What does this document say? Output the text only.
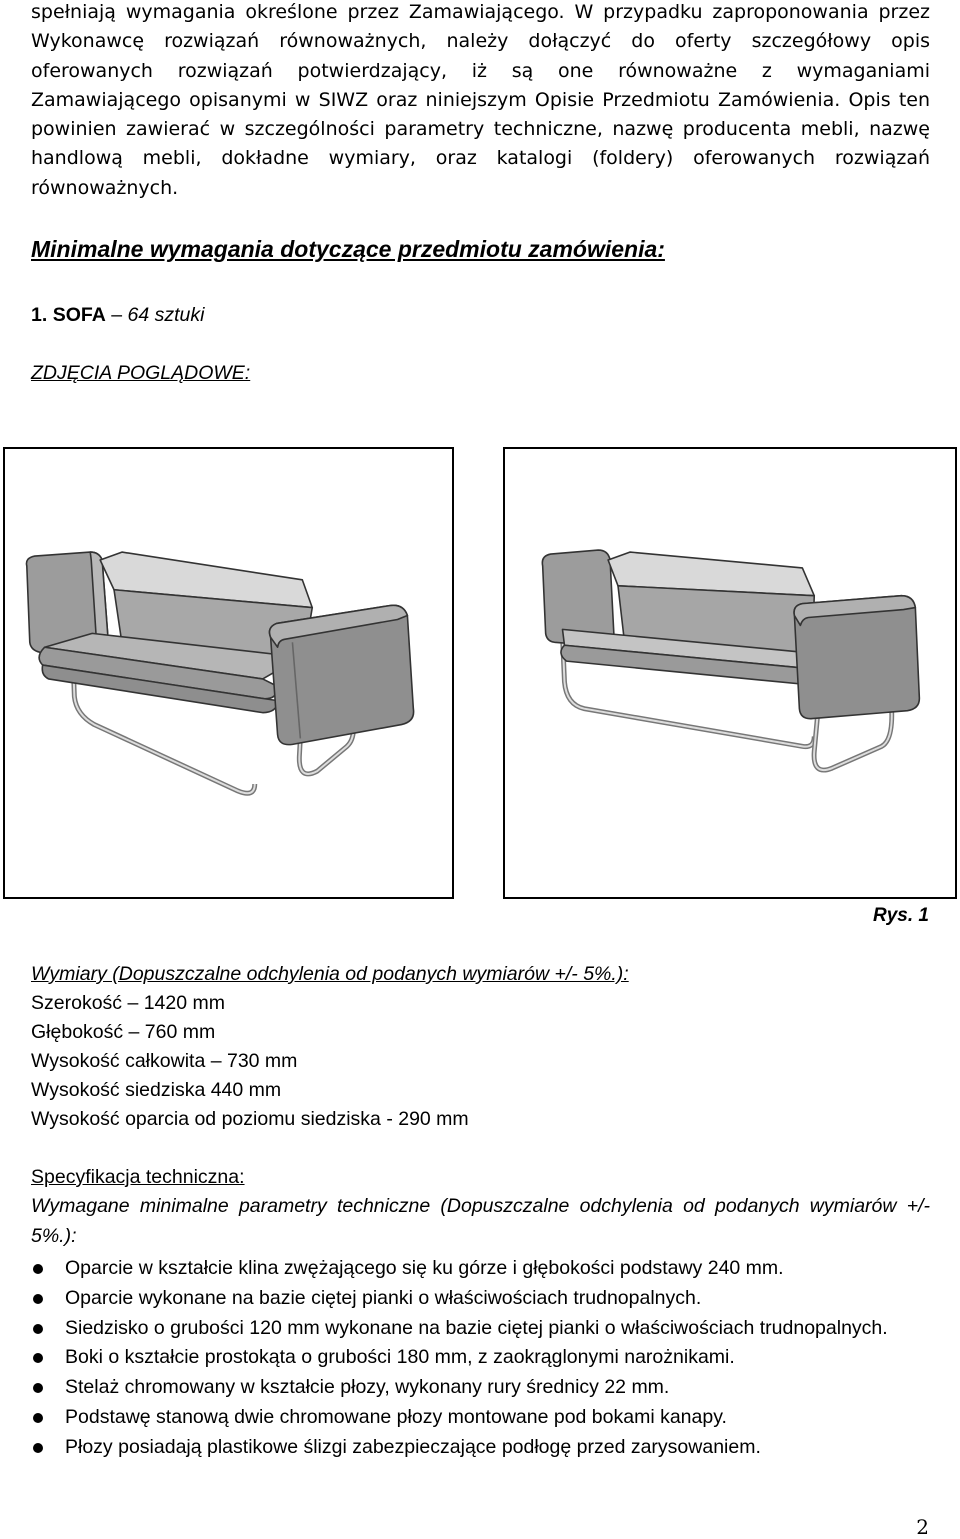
spełniają wymagania określone przez Zamawiającego. W przypadku zaproponowania przez Wykonawcę rozwiązań równoważnych, należy dołączyć do oferty szczegółowy opis oferowanych rozwiązań potwierdzający, iż są one równoważne z wymaganiami Zamawiającego opisanymi w SIWZ oraz niniejszym Opisie Przedmiotu Zamówienia. Opis ten powinien zawierać w szczególności parametry techniczne, nazwę producenta mebli, nazwę handlową mebli, dokładne wymiary, oraz katalogi (foldery) oferowanych rozwiązań równoważnych.

Minimalne wymagania dotyczące przedmiotu zamówienia:
1. SOFA – 64 sztuki
ZDJĘCIA POGLĄDOWE:
Rys. 1
Wymiary (Dopuszczalne odchylenia od podanych wymiarów +/- 5%.):
Szerokość – 1420 mm
Głębokość – 760 mm
Wysokość całkowita – 730 mm
Wysokość siedziska 440 mm
Wysokość oparcia od poziomu siedziska - 290 mm
Specyfikacja techniczna:
Wymagane minimalne parametry techniczne (Dopuszczalne odchylenia od podanych wymiarów +/- 5%.):
Oparcie w kształcie klina zwężającego się ku górze i głębokości podstawy 240 mm.
Oparcie wykonane na bazie ciętej pianki o właściwościach trudnopalnych.
Siedzisko o grubości 120 mm wykonane na bazie ciętej pianki o właściwościach trudnopalnych.
Boki o kształcie prostokąta o grubości 180 mm, z zaokrąglonymi narożnikami.
Stelaż chromowany w kształcie płozy, wykonany rury średnicy 22 mm.
Podstawę stanową dwie chromowane płozy montowane pod bokami kanapy.
Płozy posiadają plastikowe ślizgi zabezpieczające podłogę przed zarysowaniem.
2
